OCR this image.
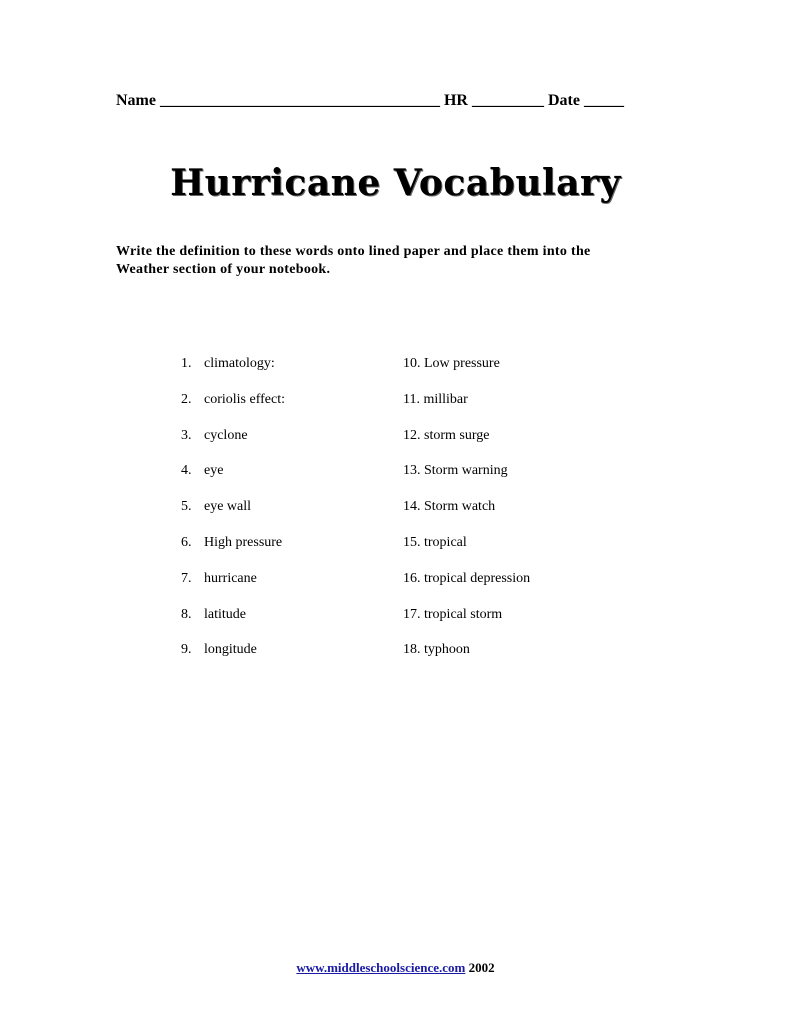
Name ___________________________________ HR _________ Date _____
Hurricane Vocabulary
Write the definition to these words onto lined paper and place them into the
Weather section of your notebook.
1. climatology:
2. coriolis effect:
3. cyclone
4. eye
5. eye wall
6. High pressure
7. hurricane
8. latitude
9. longitude
10. Low pressure
11. millibar
12. storm surge
13. Storm warning
14. Storm watch
15. tropical
16. tropical depression
17. tropical storm
18. typhoon
www.middleschoolscience.com 2002
